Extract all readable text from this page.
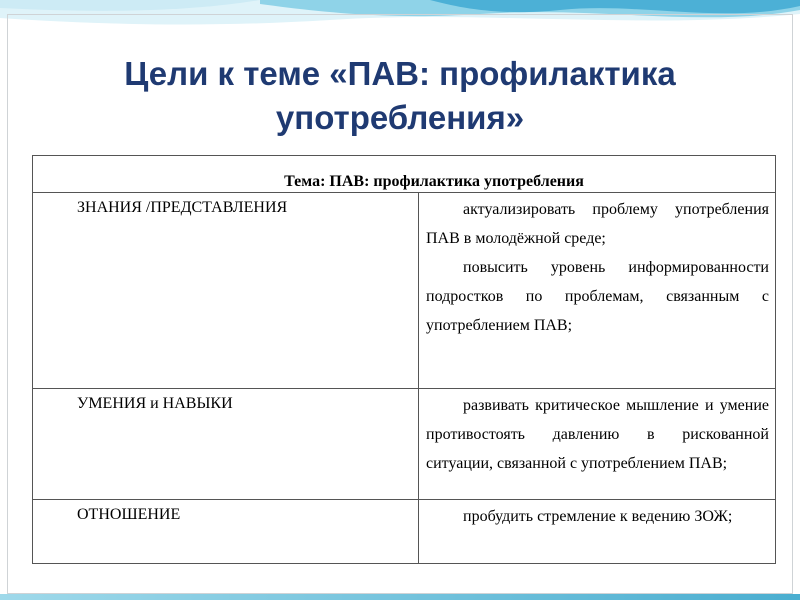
Цели к теме «ПАВ: профилактика
употребления»
Тема: ПАВ: профилактика употребления	

ЗНАНИЯ /ПРЕДСТАВЛЕНИЯ	актуализировать проблему употребления ПАВ в молодёжной среде;

повысить уровень информированности подростков по проблемам, связанным с употреблением ПАВ;

УМЕНИЯ и НАВЫКИ	развивать критическое мышление и умение противостоять давлению в рискованной ситуации, связанной с употреблением ПАВ;

ОТНОШЕНИЕ	пробудить стремление к ведению ЗОЖ;
